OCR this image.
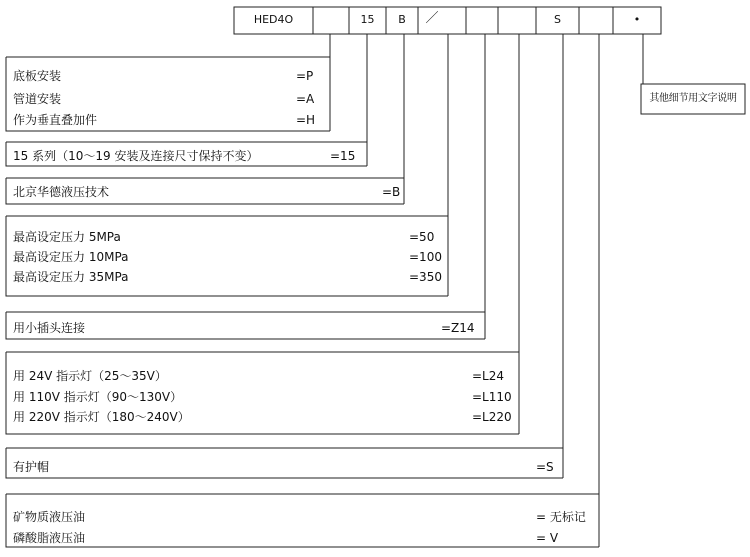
HED4O	15	B	／	S	•
底板安装	=P
管道安装	=A
作为垂直叠加件	=H
15 系列（10～19 安装及连接尺寸保持不变）	=15
北京华德液压技术	=B
最高设定压力 5MPa	=50
最高设定压力 10MPa	=100
最高设定压力 35MPa	=350
用小插头连接	=Z14
用 24V 指示灯（25～35V）	=L24
用 110V 指示灯（90～130V）	=L110
用 220V 指示灯（180～240V）	=L220
有护帽	=S
矿物质液压油	= 无标记
磷酸脂液压油	= V
其他细节用文字说明
